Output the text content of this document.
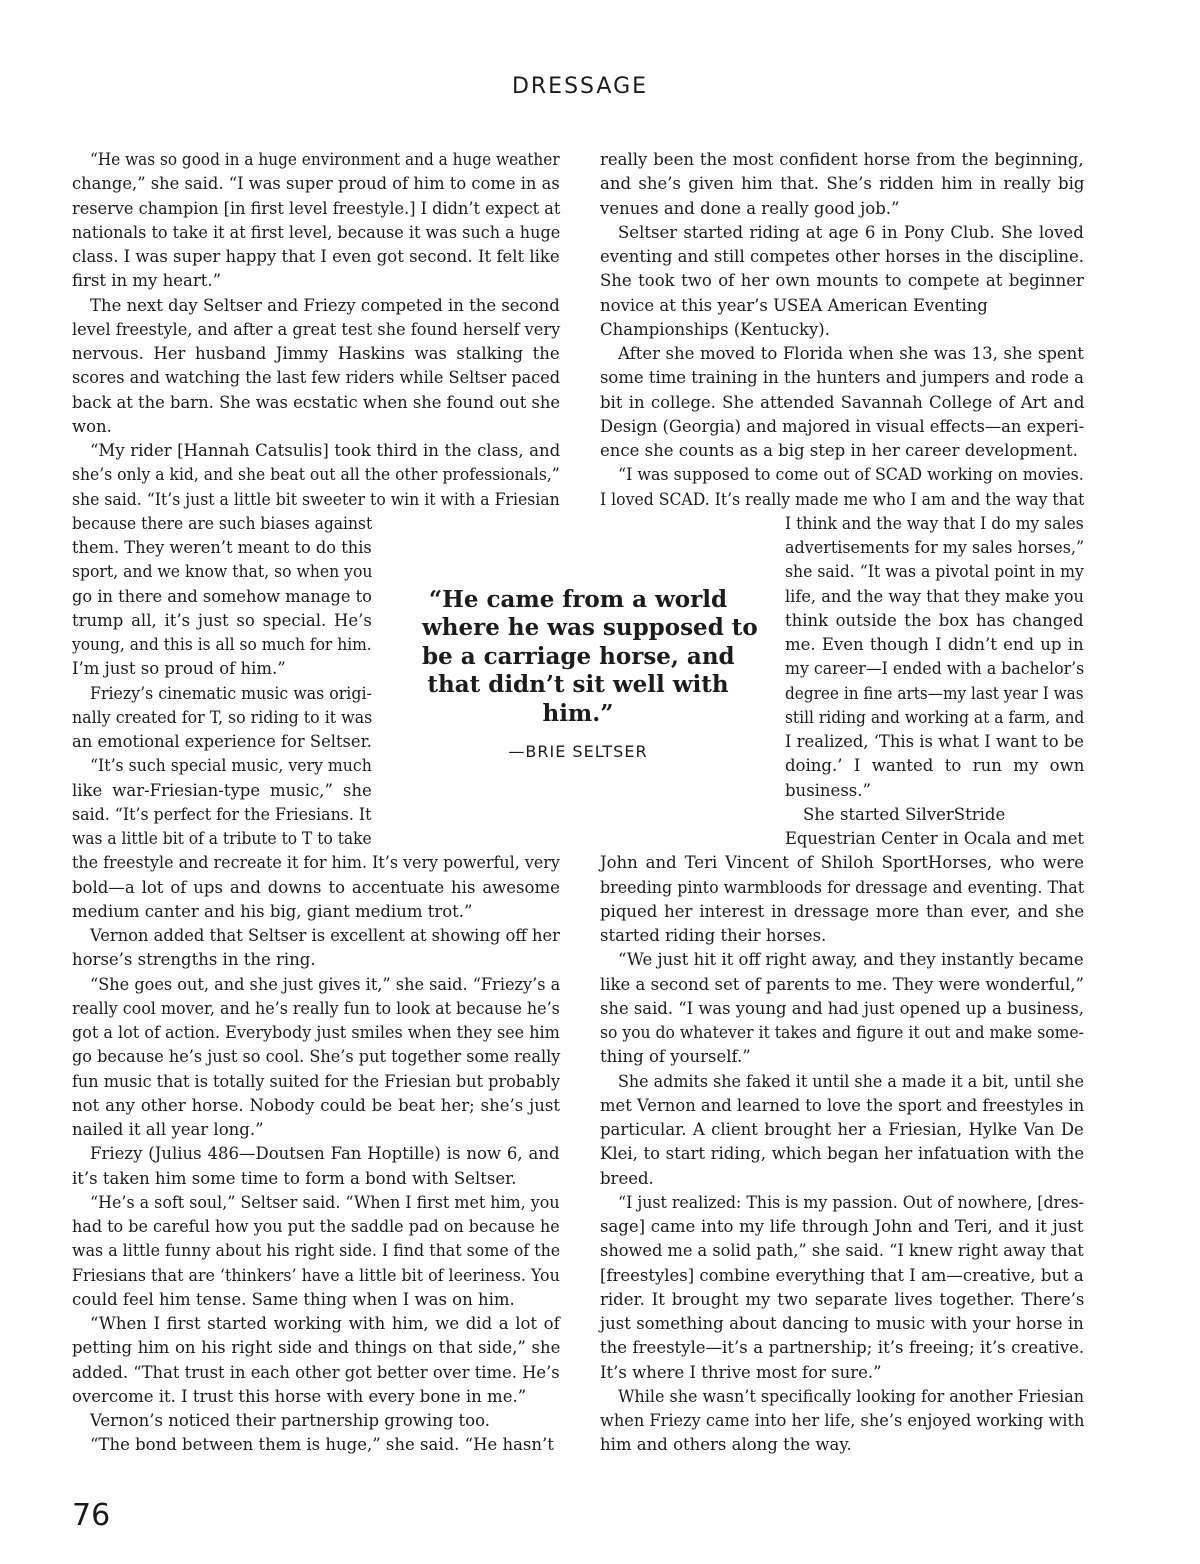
DRESSAGE
“He was so good in a huge environment and a huge weather
change,” she said. “I was super proud of him to come in as
reserve champion [in first level freestyle.] I didn’t expect at
nationals to take it at first level, because it was such a huge
class. I was super happy that I even got second. It felt like
first in my heart.”
The next day Seltser and Friezy competed in the second
level freestyle, and after a great test she found herself very
nervous. Her husband Jimmy Haskins was stalking the
scores and watching the last few riders while Seltser paced
back at the barn. She was ecstatic when she found out she
won.
“My rider [Hannah Catsulis] took third in the class, and
she’s only a kid, and she beat out all the other professionals,”
she said. “It’s just a little bit sweeter to win it with a Friesian
because there are such biases against
them. They weren’t meant to do this
sport, and we know that, so when you
go in there and somehow manage to
trump all, it’s just so special. He’s
young, and this is all so much for him.
I’m just so proud of him.”
Friezy’s cinematic music was origi-
nally created for T, so riding to it was
an emotional experience for Seltser.
“It’s such special music, very much
like war-Friesian-type music,” she
said. “It’s perfect for the Friesians. It
was a little bit of a tribute to T to take
the freestyle and recreate it for him. It’s very powerful, very
bold—a lot of ups and downs to accentuate his awesome
medium canter and his big, giant medium trot.”
Vernon added that Seltser is excellent at showing off her
horse’s strengths in the ring.
“She goes out, and she just gives it,” she said. “Friezy’s a
really cool mover, and he’s really fun to look at because he’s
got a lot of action. Everybody just smiles when they see him
go because he’s just so cool. She’s put together some really
fun music that is totally suited for the Friesian but probably
not any other horse. Nobody could be beat her; she’s just
nailed it all year long.”
Friezy (Julius 486—Doutsen Fan Hoptille) is now 6, and
it’s taken him some time to form a bond with Seltser.
“He’s a soft soul,” Seltser said. “When I first met him, you
had to be careful how you put the saddle pad on because he
was a little funny about his right side. I find that some of the
Friesians that are ‘thinkers’ have a little bit of leeriness. You
could feel him tense. Same thing when I was on him.
“When I first started working with him, we did a lot of
petting him on his right side and things on that side,” she
added. “That trust in each other got better over time. He’s
overcome it. I trust this horse with every bone in me.”
Vernon’s noticed their partnership growing too.
“The bond between them is huge,” she said. “He hasn’t
really been the most confident horse from the beginning,
and she’s given him that. She’s ridden him in really big
venues and done a really good job.”
Seltser started riding at age 6 in Pony Club. She loved
eventing and still competes other horses in the discipline.
She took two of her own mounts to compete at beginner
novice at this year’s USEA American Eventing
Championships (Kentucky).
After she moved to Florida when she was 13, she spent
some time training in the hunters and jumpers and rode a
bit in college. She attended Savannah College of Art and
Design (Georgia) and majored in visual effects—an experi-
ence she counts as a big step in her career development.
“I was supposed to come out of SCAD working on movies.
I loved SCAD. It’s really made me who I am and the way that
I think and the way that I do my sales
advertisements for my sales horses,”
she said. “It was a pivotal point in my
life, and the way that they make you
think outside the box has changed
me. Even though I didn’t end up in
my career—I ended with a bachelor’s
degree in fine arts—my last year I was
still riding and working at a farm, and
I realized, ‘This is what I want to be
doing.’ I wanted to run my own
business.”
She started SilverStride
Equestrian Center in Ocala and met
John and Teri Vincent of Shiloh SportHorses, who were
breeding pinto warmbloods for dressage and eventing. That
piqued her interest in dressage more than ever, and she
started riding their horses.
“We just hit it off right away, and they instantly became
like a second set of parents to me. They were wonderful,”
she said. “I was young and had just opened up a business,
so you do whatever it takes and figure it out and make some-
thing of yourself.”
She admits she faked it until she a made it a bit, until she
met Vernon and learned to love the sport and freestyles in
particular. A client brought her a Friesian, Hylke Van De
Klei, to start riding, which began her infatuation with the
breed.
“I just realized: This is my passion. Out of nowhere, [dres-
sage] came into my life through John and Teri, and it just
showed me a solid path,” she said. “I knew right away that
[freestyles] combine everything that I am—creative, but a
rider. It brought my two separate lives together. There’s
just something about dancing to music with your horse in
the freestyle—it’s a partnership; it’s freeing; it’s creative.
It’s where I thrive most for sure.”
While she wasn’t specifically looking for another Friesian
when Friezy came into her life, she’s enjoyed working with
him and others along the way.
“He came from a world
where he was supposed to
be a carriage horse, and
that didn’t sit well with
him.”
—BRIE SELTSER
76
